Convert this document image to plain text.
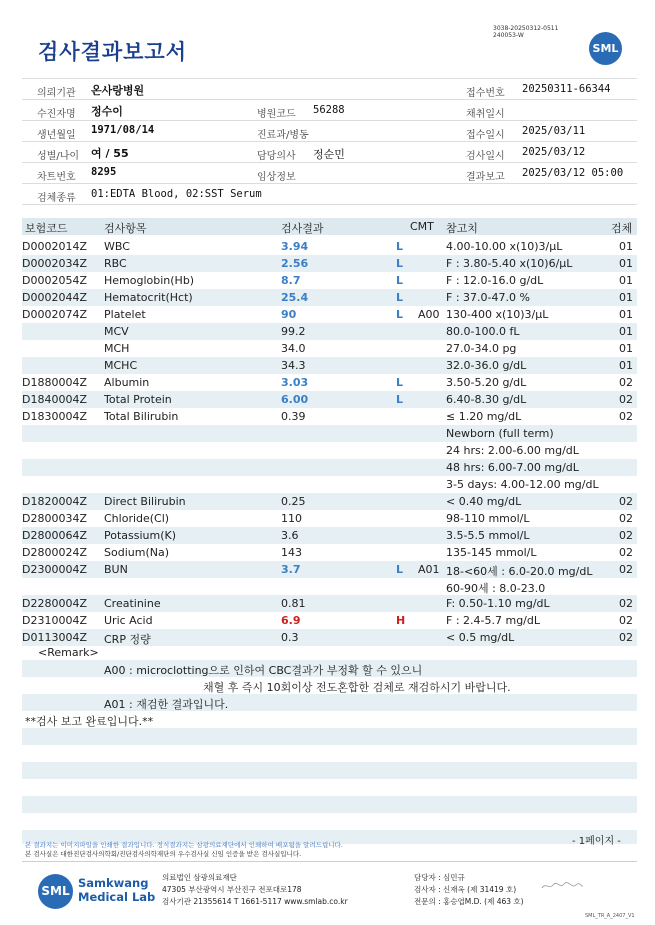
검사결과보고서
3038-20250312-0511
240053-W
SML
의뢰기관 온사랑병원	접수번호 20250311-66344
수진자명 정수이	병원코드 56288	채취일시
생년월일 1971/08/14	진료과/병동	접수일시 2025/03/11
성별/나이 여 / 55	담당의사 정순민	검사일시 2025/03/12
차트번호 8295	임상정보	결과보고 2025/03/12 05:00
검체종류 01:EDTA Blood, 02:SST Serum
보험코드	검사항목	검사결과	CMT 참고치	검체
D0002014Z WBC	3.94	L	4.00-10.00 x(10)3/μL	01
D0002034Z RBC	2.56	L	F : 3.80-5.40 x(10)6/μL	01
D0002054Z Hemoglobin(Hb)	8.7	L	F : 12.0-16.0 g/dL	01
D0002044Z Hematocrit(Hct)	25.4	L	F : 37.0-47.0 %	01
D0002074Z Platelet	90	L A00 130-400 x(10)3/μL	01
MCV	99.2	80.0-100.0 fL	01
MCH	34.0	27.0-34.0 pg	01
MCHC	34.3	32.0-36.0 g/dL	01
D1880004Z Albumin	3.03	L	3.50-5.20 g/dL	02
D1840004Z Total Protein	6.00	L	6.40-8.30 g/dL	02
D1830004Z Total Bilirubin	0.39	≤ 1.20 mg/dL	02
Newborn (full term)
24 hrs: 2.00-6.00 mg/dL
48 hrs: 6.00-7.00 mg/dL
3-5 days: 4.00-12.00 mg/dL
D1820004Z Direct Bilirubin	0.25	< 0.40 mg/dL	02
D2800034Z Chloride(Cl)	110	98-110 mmol/L	02
D2800064Z Potassium(K)	3.6	3.5-5.5 mmol/L	02
D2800024Z Sodium(Na)	143	135-145 mmol/L	02
D2300004Z BUN	3.7	L A01 18-<60세 : 6.0-20.0 mg/dL 02
60-90세 : 8.0-23.0
D2280004Z Creatinine	0.81	F: 0.50-1.10 mg/dL	02
D2310004Z Uric Acid	6.9	H	F : 2.4-5.7 mg/dL	02
D0113004Z CRP 정량	0.3	< 0.5 mg/dL	02
<Remark>
A00 : microclotting으로 인하여 CBC결과가 부정확 할 수 있으니
채혈 후 즉시 10회이상 전도혼합한 검체로 재검하시기 바랍니다.
A01 : 재검한 결과입니다.
**검사 보고 완료입니다.**
본 결과지는 이미지파일을 인쇄한 결과입니다. 정식결과지는 삼광의료재단에서 인쇄하여 배포됨을 알려드립니다.
본 검사실은 대한진단검사의학회/진단검사의학재단의 우수검사실 신임 인증을 받은 검사실입니다.
- 1페이지 -
SML
Samkwang
Medical Lab
의료법인 삼광의료재단
47305 부산광역시 부산진구 전포대로178
검사기관 21355614 T 1661-5117 www.smlab.co.kr
담당자 : 심민규
검사자 : 신재옥 (제 31419 호)
전문의 : 홍승엽M.D. (제 463 호)
SML_TR_A_2407_V1
